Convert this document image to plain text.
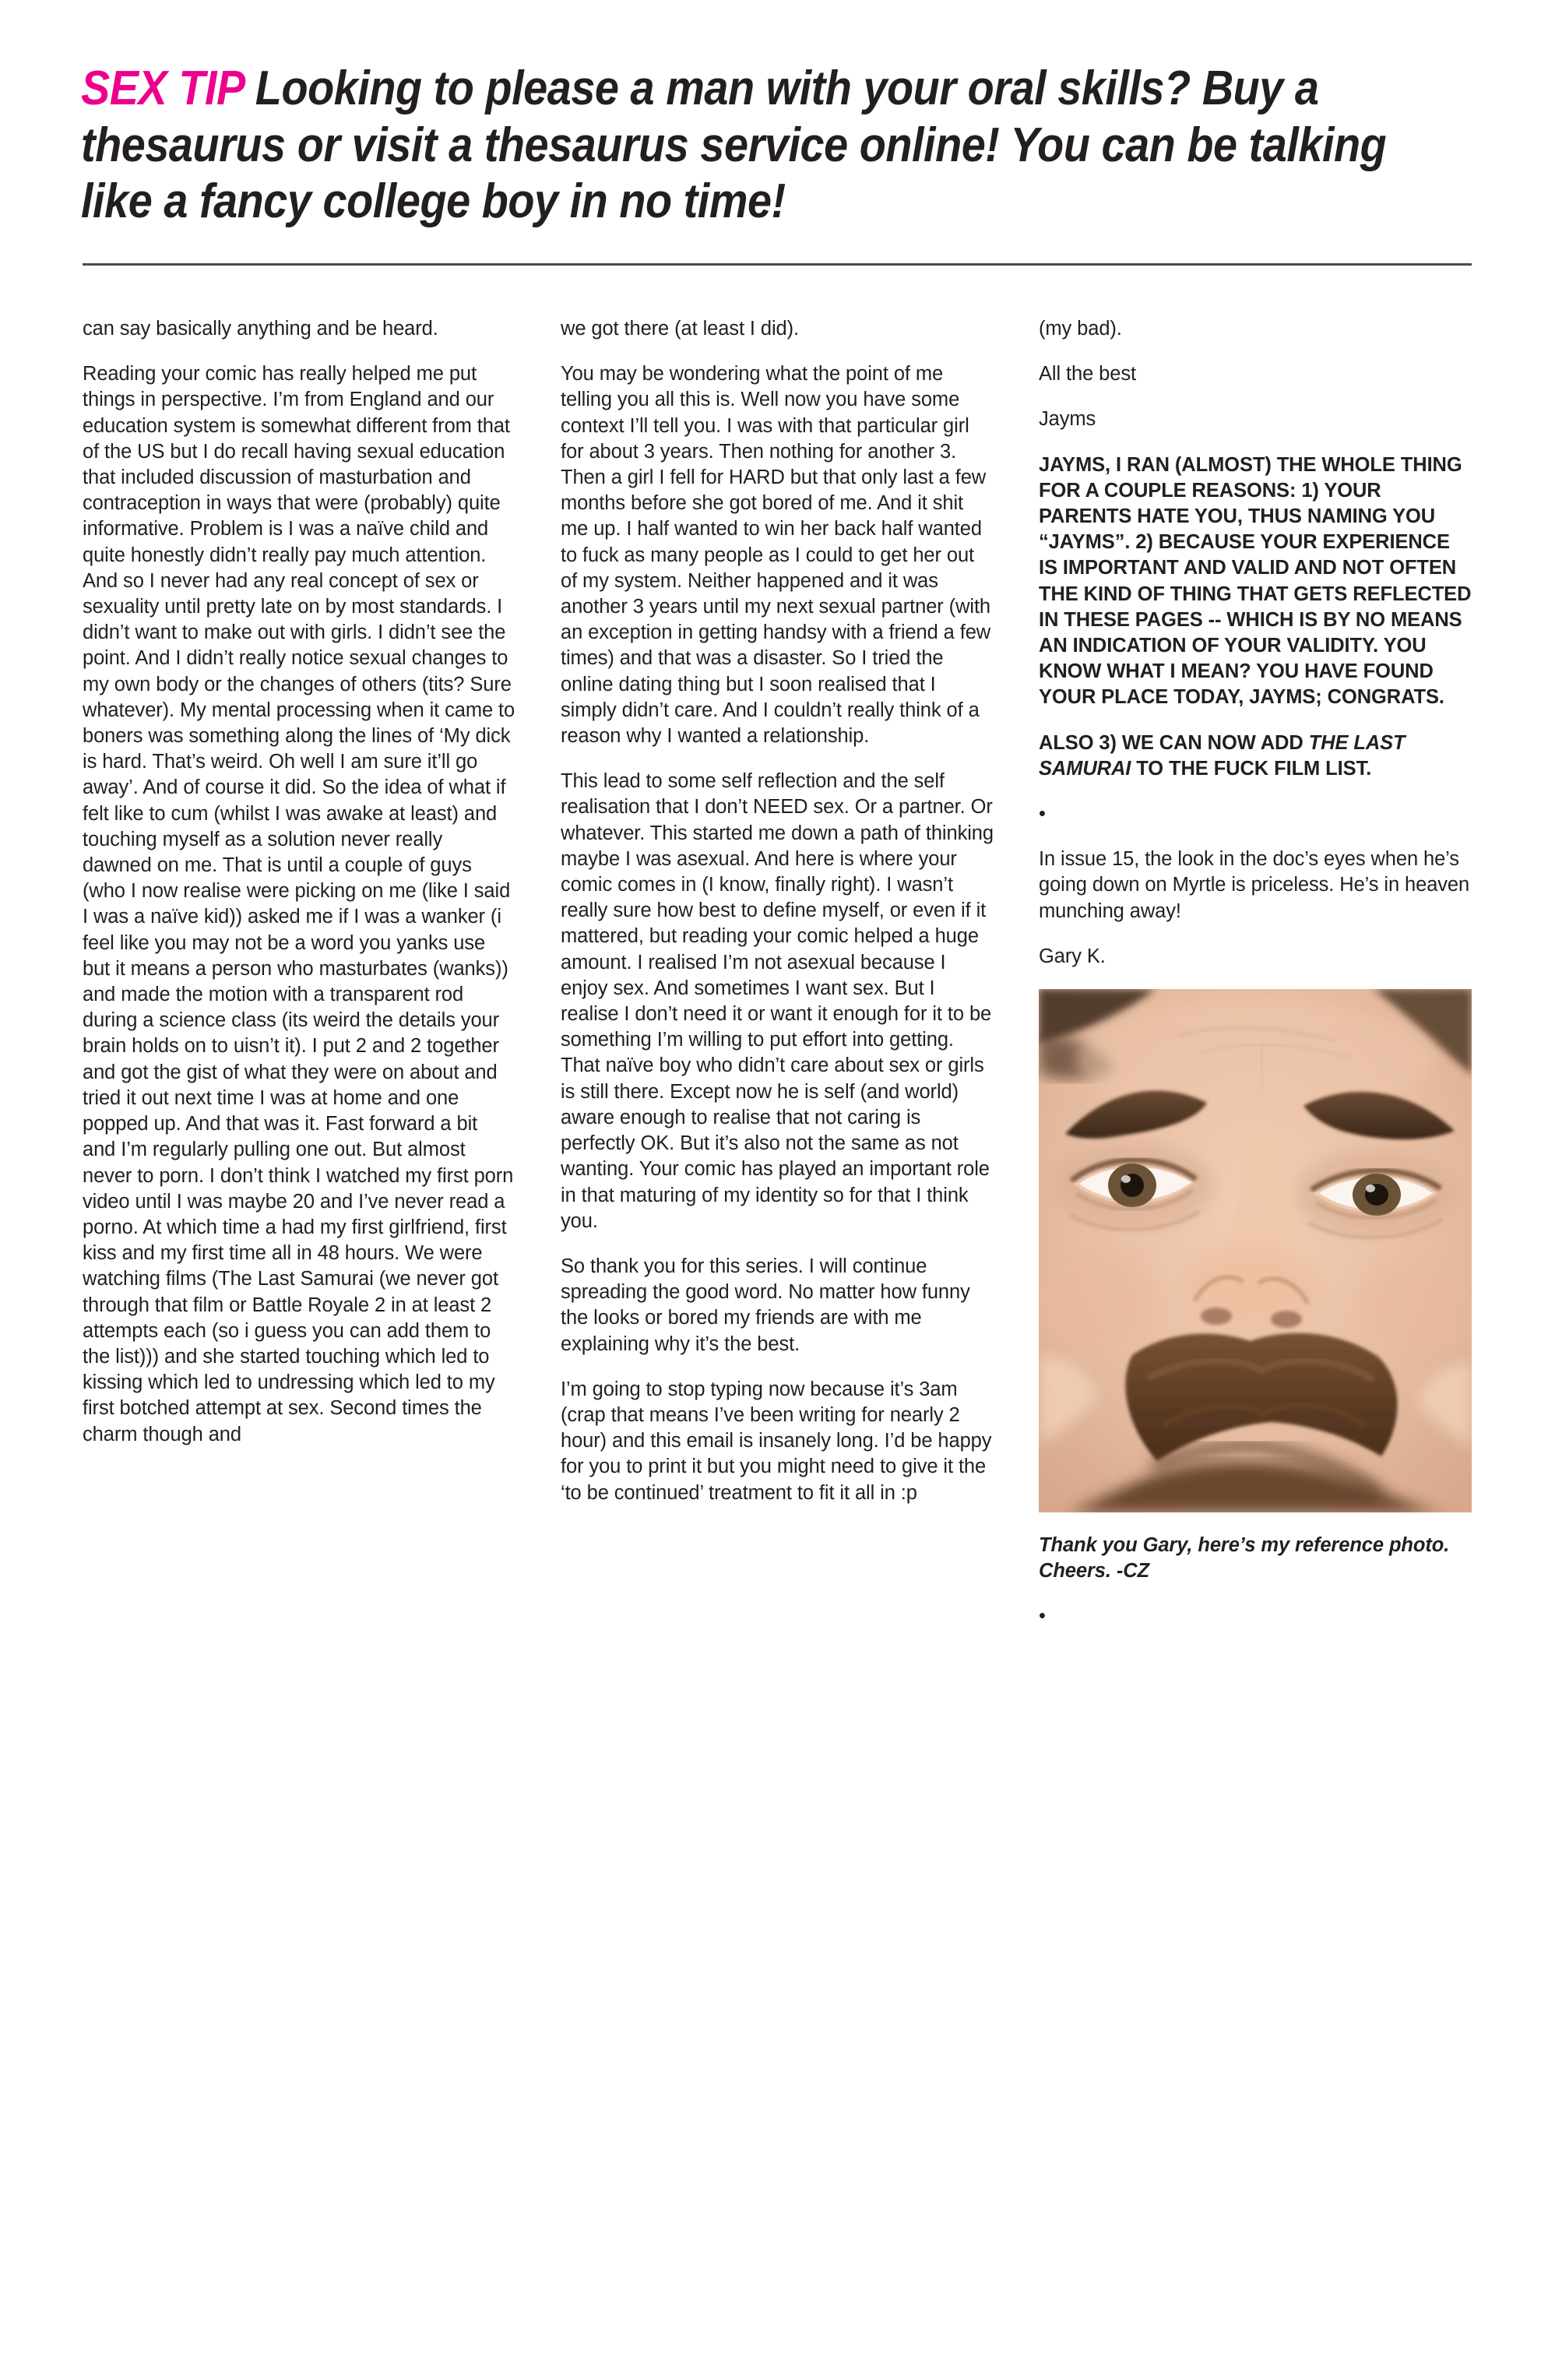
SEX TIP Looking to please a man with your oral skills? Buy a thesaurus or visit a thesaurus service online! You can be talking like a fancy college boy in no time!

can say basically anything and be heard.

Reading your comic has really helped me put things in perspective. I’m from England and our education system is somewhat different from that of the US but I do recall having sexual education that included discussion of masturbation and contraception in ways that were (probably) quite informative. Problem is I was a naïve child and quite honestly didn’t really pay much attention. And so I never had any real concept of sex or sexuality until pretty late on by most standards. I didn’t want to make out with girls. I didn’t see the point. And I didn’t really notice sexual changes to my own body or the changes of others (tits? Sure whatever). My mental processing when it came to boners was something along the lines of ‘My dick is hard. That’s weird. Oh well I am sure it’ll go away’. And of course it did. So the idea of what if felt like to cum (whilst I was awake at least) and touching myself as a solution never really dawned on me. That is until a couple of guys (who I now realise were picking on me (like I said I was a naïve kid)) asked me if I was a wanker (i feel like you may not be a word you yanks use but it means a person who masturbates (wanks)) and made the motion with a transparent rod during a science class (its weird the details your brain holds on to uisn’t it). I put 2 and 2 together and got the gist of what they were on about and tried it out next time I was at home and one popped up. And that was it. Fast forward a bit and I’m regularly pulling one out. But almost never to porn. I don’t think I watched my first porn video until I was maybe 20 and I’ve never read a porno. At which time a had my first girlfriend, first kiss and my first time all in 48 hours. We were watching films (The Last Samurai (we never got through that film or Battle Royale 2 in at least 2 attempts each (so i guess you can add them to the list))) and she started touching which led to kissing which led to undressing which led to my first botched attempt at sex. Second times the charm though and

we got there (at least I did).

You may be wondering what the point of me telling you all this is. Well now you have some context I’ll tell you. I was with that particular girl for about 3 years. Then nothing for another 3. Then a girl I fell for HARD but that only last a few months before she got bored of me. And it shit me up. I half wanted to win her back half wanted to fuck as many people as I could to get her out of my system. Neither happened and it was another 3 years until my next sexual partner (with an exception in getting handsy with a friend a few times) and that was a disaster. So I tried the online dating thing but I soon realised that I simply didn’t care. And I couldn’t really think of a reason why I wanted a relationship.

This lead to some self reflection and the self realisation that I don’t NEED sex. Or a partner. Or whatever. This started me down a path of thinking maybe I was asexual. And here is where your comic comes in (I know, finally right). I wasn’t really sure how best to define myself, or even if it mattered, but reading your comic helped a huge amount. I realised I’m not asexual because I enjoy sex. And sometimes I want sex. But I realise I don’t need it or want it enough for it to be something I’m willing to put effort into getting. That naïve boy who didn’t care about sex or girls is still there. Except now he is self (and world) aware enough to realise that not caring is perfectly OK. But it’s also not the same as not wanting. Your comic has played an important role in that maturing of my identity so for that I think you.

So thank you for this series. I will continue spreading the good word. No matter how funny the looks or bored my friends are with me explaining why it’s the best.

I’m going to stop typing now because it’s 3am (crap that means I’ve been writing for nearly 2 hour) and this email is insanely long. I’d be happy for you to print it but you might need to give it the ‘to be continued’ treatment to fit it all in :p

(my bad).

All the best

Jayms

JAYMS, I RAN (ALMOST) THE WHOLE THING FOR A COUPLE REASONS: 1) YOUR PARENTS HATE YOU, THUS NAMING YOU “JAYMS”. 2) BECAUSE YOUR EXPERIENCE IS IMPORTANT AND VALID AND NOT OFTEN THE KIND OF THING THAT GETS REFLECTED IN THESE PAGES -- WHICH IS BY NO MEANS AN INDICATION OF YOUR VALIDITY. YOU KNOW WHAT I MEAN? YOU HAVE FOUND YOUR PLACE TODAY, JAYMS; CONGRATS.

ALSO 3) WE CAN NOW ADD THE LAST SAMURAI TO THE FUCK FILM LIST.

•

In issue 15, the look in the doc’s eyes when he’s going down on Myrtle is priceless. He’s in heaven munching away!

Gary K.

Thank you Gary, here’s my reference photo. Cheers. -CZ

•
